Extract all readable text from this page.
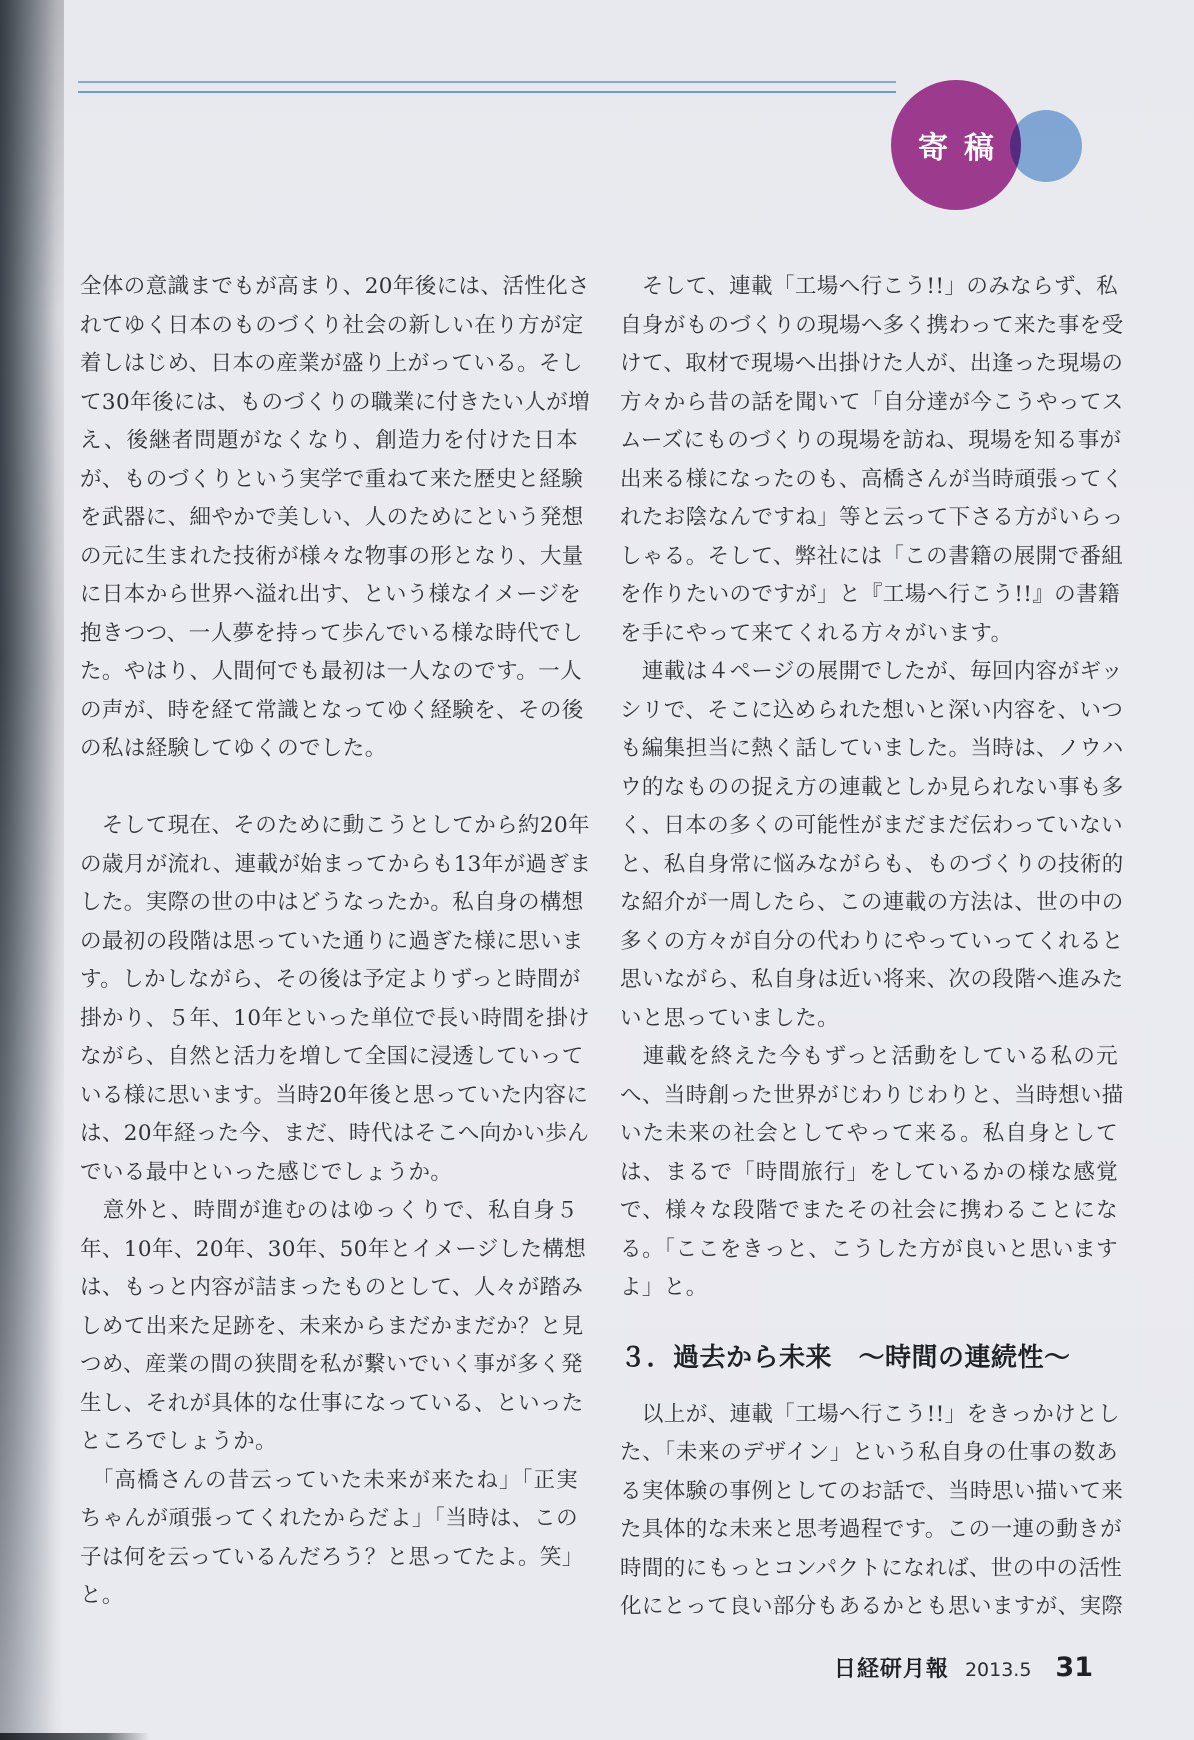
寄稿
全体の意識までもが高まり、20年後には、活性化さ
れてゆく日本のものづくり社会の新しい在り方が定
着しはじめ、日本の産業が盛り上がっている。そし
て30年後には、ものづくりの職業に付きたい人が増
え、後継者問題がなくなり、創造力を付けた日本
が、ものづくりという実学で重ねて来た歴史と経験
を武器に、細やかで美しい、人のためにという発想
の元に生まれた技術が様々な物事の形となり、大量
に日本から世界へ溢れ出す、という様なイメージを
抱きつつ、一人夢を持って歩んでいる様な時代でし
た。やはり、人間何でも最初は一人なのです。一人
の声が、時を経て常識となってゆく経験を、その後
の私は経験してゆくのでした。
　そして現在、そのために動こうとしてから約20年
の歳月が流れ、連載が始まってからも13年が過ぎま
した。実際の世の中はどうなったか。私自身の構想
の最初の段階は思っていた通りに過ぎた様に思いま
す。しかしながら、その後は予定よりずっと時間が
掛かり、５年、10年といった単位で長い時間を掛け
ながら、自然と活力を増して全国に浸透していって
いる様に思います。当時20年後と思っていた内容に
は、20年経った今、まだ、時代はそこへ向かい歩ん
でいる最中といった感じでしょうか。
　意外と、時間が進むのはゆっくりで、私自身５
年、10年、20年、30年、50年とイメージした構想
は、もっと内容が詰まったものとして、人々が踏み
しめて出来た足跡を、未来からまだかまだか？と見
つめ、産業の間の狭間を私が繋いでいく事が多く発
生し、それが具体的な仕事になっている、といった
ところでしょうか。
　「高橋さんの昔云っていた未来が来たね」「正実
ちゃんが頑張ってくれたからだよ」「当時は、この
子は何を云っているんだろう？と思ってたよ。笑」
と。
　そして、連載「工場へ行こう!!」のみならず、私
自身がものづくりの現場へ多く携わって来た事を受
けて、取材で現場へ出掛けた人が、出逢った現場の
方々から昔の話を聞いて「自分達が今こうやってス
ムーズにものづくりの現場を訪ね、現場を知る事が
出来る様になったのも、高橋さんが当時頑張ってく
れたお陰なんですね」等と云って下さる方がいらっ
しゃる。そして、弊社には「この書籍の展開で番組
を作りたいのですが」と『工場へ行こう!!』の書籍
を手にやって来てくれる方々がいます。
　連載は４ページの展開でしたが、毎回内容がギッ
シリで、そこに込められた想いと深い内容を、いつ
も編集担当に熱く話していました。当時は、ノウハ
ウ的なものの捉え方の連載としか見られない事も多
く、日本の多くの可能性がまだまだ伝わっていない
と、私自身常に悩みながらも、ものづくりの技術的
な紹介が一周したら、この連載の方法は、世の中の
多くの方々が自分の代わりにやっていってくれると
思いながら、私自身は近い将来、次の段階へ進みた
いと思っていました。
　連載を終えた今もずっと活動をしている私の元
へ、当時創った世界がじわりじわりと、当時想い描
いた未来の社会としてやって来る。私自身として
は、まるで「時間旅行」をしているかの様な感覚
で、様々な段階でまたその社会に携わることにな
る。「ここをきっと、こうした方が良いと思います
よ」と。
３．過去から未来　～時間の連続性～
　以上が、連載「工場へ行こう!!」をきっかけとし
た、「未来のデザイン」という私自身の仕事の数あ
る実体験の事例としてのお話で、当時思い描いて来
た具体的な未来と思考過程です。この一連の動きが
時間的にもっとコンパクトになれば、世の中の活性
化にとって良い部分もあるかとも思いますが、実際
日経研月報 2013.5 31
